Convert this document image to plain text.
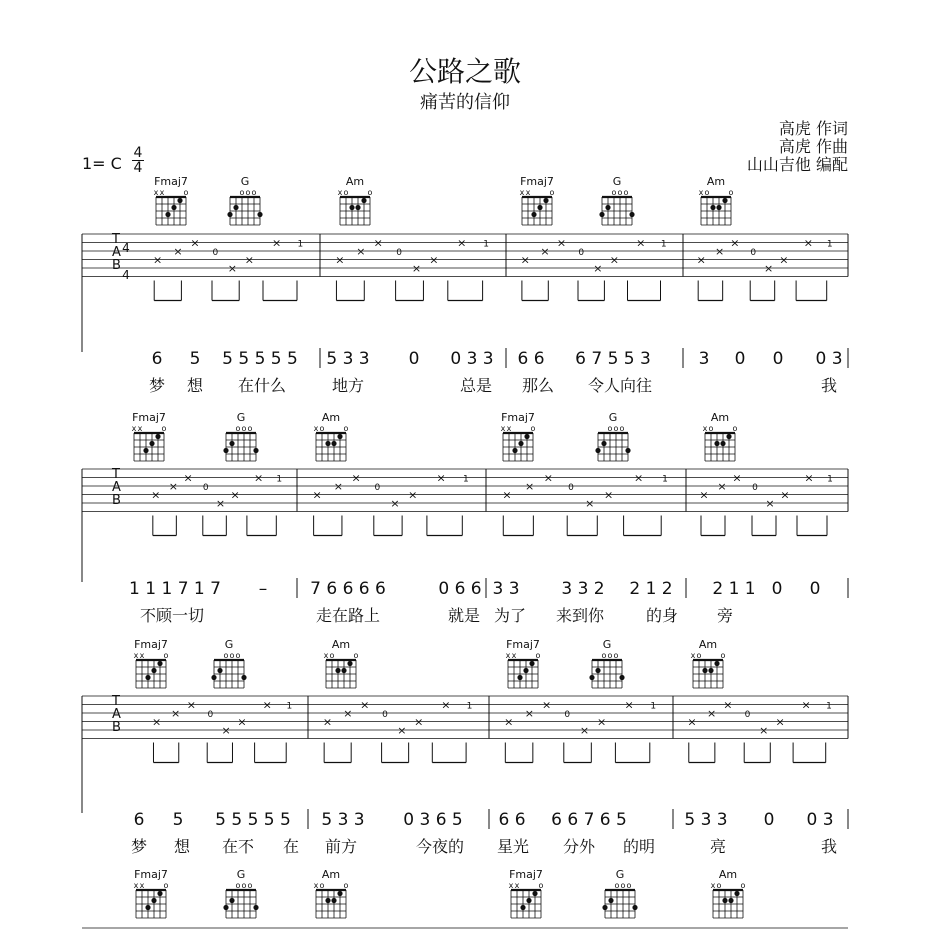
公路之歌
痛苦的信仰
高虎 作词
高虎 作曲
山山吉他 编配
1= C
4
4
Fmaj7
x x o
G
o o o
Am
x o o
Fmaj7
x x o
G
o o o
Am
x o o
T
A
B
4
4
×
×
×
0
×
×
× 1
×
×
×
0
×
×
× 1
×
×
×
0
×
×
× 1
×
×
×
0
×
×
× 1
6 5 5 5 5 5 5 5 3 3 0 0 3 3 6 6 6 7 5 5 3	3 0 0 0 3
梦 想 在什么	地方	总是 那么 令人向往	我
Fmaj7
x x o
G
o o o
Am
x o o
Fmaj7
x x o
G
o o o
Am
x o o
T
A
B	×
×
×
0
×
×
× 1
×
×
×
0
×
×
× 1
×
×
×
0
×
×
× 1
×
×
×
0
×
×
× 1
1 1 1 7 1 7 –	7 6 6 6 6	0 6 6 3 3 3 3 2 2 1 2 2 1 1 0 0
不顾一切	走在路上	就是 为了 来到你	的身 旁
Fmaj7
x x o
G
o o o
Am
x o o
Fmaj7
x x o
G
o o o
Am
x o o
T
A
B	×
×
×
0
×
×
× 1
×
×
×
0
×
×
× 1
×
×
×
0
×
×
× 1
×
×
×
0
×
×
× 1
6 5 5 5 5 5 5 5 3 3 0 3 6 5 6 6 6 6 7 6 5	5 3 3 0 0 3
梦 想 在不 在 前方	今夜的 星光 分外 的明	亮	我
Fmaj7
x x o
G
o o o
Am
x o o
Fmaj7
x x o
G
o o o
Am
x o o
